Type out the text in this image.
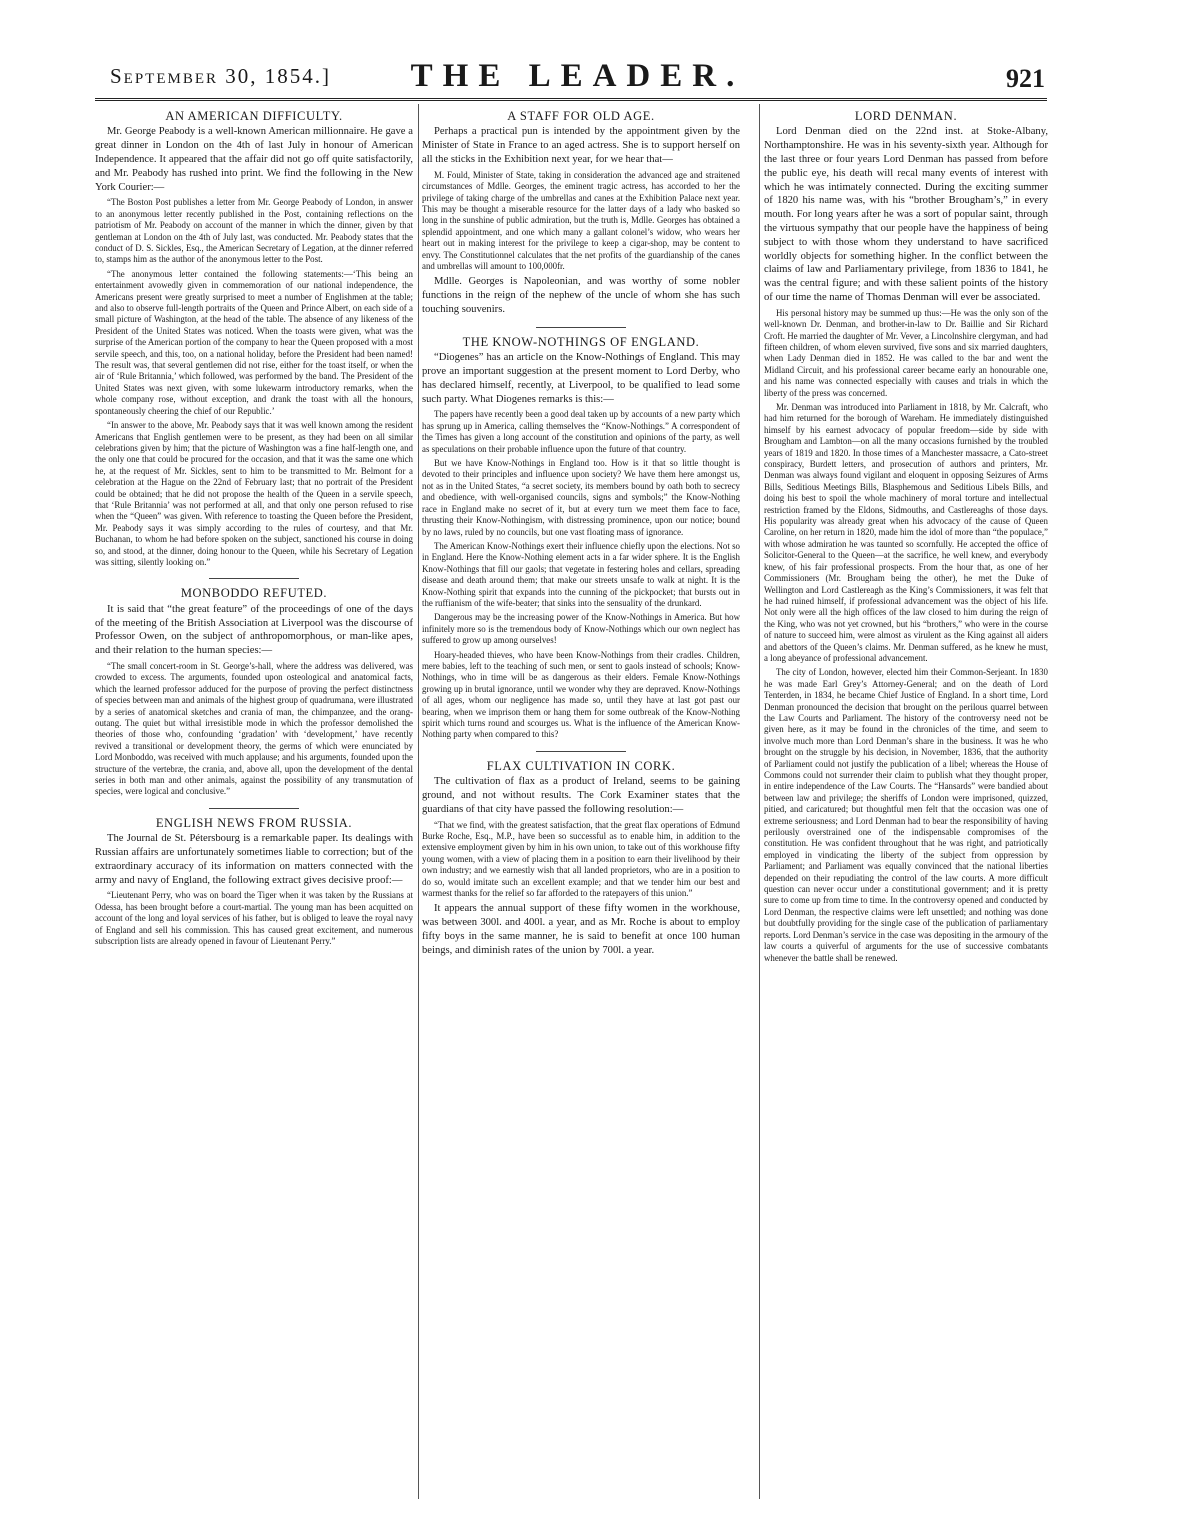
September 30, 1854.]	THE LEADER.	921
AN AMERICAN DIFFICULTY.

Mr. George Peabody is a well-known American millionnaire. He gave a great dinner in London on the 4th of last July in honour of American Independence. It appeared that the affair did not go off quite satisfactorily, and Mr. Peabody has rushed into print. We find the following in the New York Courier:—

“The Boston Post publishes a letter from Mr. George Peabody of London, in answer to an anonymous letter recently published in the Post, containing reflections on the patriotism of Mr. Peabody on account of the manner in which the dinner, given by that gentleman at London on the 4th of July last, was conducted. Mr. Peabody states that the conduct of D. S. Sickles, Esq., the American Secretary of Legation, at the dinner referred to, stamps him as the author of the anonymous letter to the Post.

“The anonymous letter contained the following statements:—‘This being an entertainment avowedly given in commemoration of our national independence, the Americans present were greatly surprised to meet a number of Englishmen at the table; and also to observe full-length portraits of the Queen and Prince Albert, on each side of a small picture of Washington, at the head of the table. The absence of any likeness of the President of the United States was noticed. When the toasts were given, what was the surprise of the American portion of the company to hear the Queen proposed with a most servile speech, and this, too, on a national holiday, before the President had been named! The result was, that several gentlemen did not rise, either for the toast itself, or when the air of ‘Rule Britannia,’ which followed, was performed by the band. The President of the United States was next given, with some lukewarm introductory remarks, when the whole company rose, without exception, and drank the toast with all the honours, spontaneously cheering the chief of our Republic.’

“In answer to the above, Mr. Peabody says that it was well known among the resident Americans that English gentlemen were to be present, as they had been on all similar celebrations given by him; that the picture of Washington was a fine half-length one, and the only one that could be procured for the occasion, and that it was the same one which he, at the request of Mr. Sickles, sent to him to be transmitted to Mr. Belmont for a celebration at the Hague on the 22nd of February last; that no portrait of the President could be obtained; that he did not propose the health of the Queen in a servile speech, that ‘Rule Britannia’ was not performed at all, and that only one person refused to rise when the “Queen” was given. With reference to toasting the Queen before the President, Mr. Peabody says it was simply according to the rules of courtesy, and that Mr. Buchanan, to whom he had before spoken on the subject, sanctioned his course in doing so, and stood, at the dinner, doing honour to the Queen, while his Secretary of Legation was sitting, silently looking on.”

MONBODDO REFUTED.

It is said that “the great feature” of the proceedings of one of the days of the meeting of the British Association at Liverpool was the discourse of Professor Owen, on the subject of anthropomorphous, or man-like apes, and their relation to the human species:—

“The small concert-room in St. George’s-hall, where the address was delivered, was crowded to excess. The arguments, founded upon osteological and anatomical facts, which the learned professor adduced for the purpose of proving the perfect distinctness of species between man and animals of the highest group of quadrumana, were illustrated by a series of anatomical sketches and crania of man, the chimpanzee, and the orang-outang. The quiet but withal irresistible mode in which the professor demolished the theories of those who, confounding ‘gradation’ with ‘development,’ have recently revived a transitional or development theory, the germs of which were enunciated by Lord Monboddo, was received with much applause; and his arguments, founded upon the structure of the vertebræ, the crania, and, above all, upon the development of the dental series in both man and other animals, against the possibility of any transmutation of species, were logical and conclusive.”

ENGLISH NEWS FROM RUSSIA.

The Journal de St. Pétersbourg is a remarkable paper. Its dealings with Russian affairs are unfortunately sometimes liable to correction; but of the extraordinary accuracy of its information on matters connected with the army and navy of England, the following extract gives decisive proof:—

“Lieutenant Perry, who was on board the Tiger when it was taken by the Russians at Odessa, has been brought before a court-martial. The young man has been acquitted on account of the long and loyal services of his father, but is obliged to leave the royal navy of England and sell his commission. This has caused great excitement, and numerous subscription lists are already opened in favour of Lieutenant Perry.”

A STAFF FOR OLD AGE.

Perhaps a practical pun is intended by the appointment given by the Minister of State in France to an aged actress. She is to support herself on all the sticks in the Exhibition next year, for we hear that—

M. Fould, Minister of State, taking in consideration the advanced age and straitened circumstances of Mdlle. Georges, the eminent tragic actress, has accorded to her the privilege of taking charge of the umbrellas and canes at the Exhibition Palace next year. This may be thought a miserable resource for the latter days of a lady who basked so long in the sunshine of public admiration, but the truth is, Mdlle. Georges has obtained a splendid appointment, and one which many a gallant colonel’s widow, who wears her heart out in making interest for the privilege to keep a cigar-shop, may be content to envy. The Constitutionnel calculates that the net profits of the guardianship of the canes and umbrellas will amount to 100,000fr.

Mdlle. Georges is Napoleonian, and was worthy of some nobler functions in the reign of the nephew of the uncle of whom she has such touching souvenirs.

THE KNOW-NOTHINGS OF ENGLAND.

“Diogenes” has an article on the Know-Nothings of England. This may prove an important suggestion at the present moment to Lord Derby, who has declared himself, recently, at Liverpool, to be qualified to lead some such party. What Diogenes remarks is this:—

The papers have recently been a good deal taken up by accounts of a new party which has sprung up in America, calling themselves the “Know-Nothings.” A correspondent of the Times has given a long account of the constitution and opinions of the party, as well as speculations on their probable influence upon the future of that country.

But we have Know-Nothings in England too. How is it that so little thought is devoted to their principles and influence upon society? We have them here amongst us, not as in the United States, “a secret society, its members bound by oath both to secrecy and obedience, with well-organised councils, signs and symbols;” the Know-Nothing race in England make no secret of it, but at every turn we meet them face to face, thrusting their Know-Nothingism, with distressing prominence, upon our notice; bound by no laws, ruled by no councils, but one vast floating mass of ignorance.

The American Know-Nothings exert their influence chiefly upon the elections. Not so in England. Here the Know-Nothing element acts in a far wider sphere. It is the English Know-Nothings that fill our gaols; that vegetate in festering holes and cellars, spreading disease and death around them; that make our streets unsafe to walk at night. It is the Know-Nothing spirit that expands into the cunning of the pickpocket; that bursts out in the ruffianism of the wife-beater; that sinks into the sensuality of the drunkard.

Dangerous may be the increasing power of the Know-Nothings in America. But how infinitely more so is the tremendous body of Know-Nothings which our own neglect has suffered to grow up among ourselves!

Hoary-headed thieves, who have been Know-Nothings from their cradles. Children, mere babies, left to the teaching of such men, or sent to gaols instead of schools; Know-Nothings, who in time will be as dangerous as their elders. Female Know-Nothings growing up in brutal ignorance, until we wonder why they are depraved. Know-Nothings of all ages, whom our negligence has made so, until they have at last got past our bearing, when we imprison them or hang them for some outbreak of the Know-Nothing spirit which turns round and scourges us. What is the influence of the American Know-Nothing party when compared to this?

FLAX CULTIVATION IN CORK.

The cultivation of flax as a product of Ireland, seems to be gaining ground, and not without results. The Cork Examiner states that the guardians of that city have passed the following resolution:—

“That we find, with the greatest satisfaction, that the great flax operations of Edmund Burke Roche, Esq., M.P., have been so successful as to enable him, in addition to the extensive employment given by him in his own union, to take out of this workhouse fifty young women, with a view of placing them in a position to earn their livelihood by their own industry; and we earnestly wish that all landed proprietors, who are in a position to do so, would imitate such an excellent example; and that we tender him our best and warmest thanks for the relief so far afforded to the ratepayers of this union.”

It appears the annual support of these fifty women in the workhouse, was between 300l. and 400l. a year, and as Mr. Roche is about to employ fifty boys in the same manner, he is said to benefit at once 100 human beings, and diminish rates of the union by 700l. a year.

LORD DENMAN.

Lord Denman died on the 22nd inst. at Stoke-Albany, Northamptonshire. He was in his seventy-sixth year. Although for the last three or four years Lord Denman has passed from before the public eye, his death will recal many events of interest with which he was intimately connected. During the exciting summer of 1820 his name was, with his “brother Brougham’s,” in every mouth. For long years after he was a sort of popular saint, through the virtuous sympathy that our people have the happiness of being subject to with those whom they understand to have sacrificed worldly objects for something higher. In the conflict between the claims of law and Parliamentary privilege, from 1836 to 1841, he was the central figure; and with these salient points of the history of our time the name of Thomas Denman will ever be associated.

His personal history may be summed up thus:—He was the only son of the well-known Dr. Denman, and brother-in-law to Dr. Baillie and Sir Richard Croft. He married the daughter of Mr. Vever, a Lincolnshire clergyman, and had fifteen children, of whom eleven survived, five sons and six married daughters, when Lady Denman died in 1852. He was called to the bar and went the Midland Circuit, and his professional career became early an honourable one, and his name was connected especially with causes and trials in which the liberty of the press was concerned.

Mr. Denman was introduced into Parliament in 1818, by Mr. Calcraft, who had him returned for the borough of Wareham. He immediately distinguished himself by his earnest advocacy of popular freedom—side by side with Brougham and Lambton—on all the many occasions furnished by the troubled years of 1819 and 1820. In those times of a Manchester massacre, a Cato-street conspiracy, Burdett letters, and prosecution of authors and printers, Mr. Denman was always found vigilant and eloquent in opposing Seizures of Arms Bills, Seditious Meetings Bills, Blasphemous and Seditious Libels Bills, and doing his best to spoil the whole machinery of moral torture and intellectual restriction framed by the Eldons, Sidmouths, and Castlereaghs of those days. His popularity was already great when his advocacy of the cause of Queen Caroline, on her return in 1820, made him the idol of more than “the populace,” with whose admiration he was taunted so scornfully. He accepted the office of Solicitor-General to the Queen—at the sacrifice, he well knew, and everybody knew, of his fair professional prospects. From the hour that, as one of her Commissioners (Mr. Brougham being the other), he met the Duke of Wellington and Lord Castlereagh as the King’s Commissioners, it was felt that he had ruined himself, if professional advancement was the object of his life. Not only were all the high offices of the law closed to him during the reign of the King, who was not yet crowned, but his “brothers,” who were in the course of nature to succeed him, were almost as virulent as the King against all aiders and abettors of the Queen’s claims. Mr. Denman suffered, as he knew he must, a long abeyance of professional advancement.

The city of London, however, elected him their Common-Serjeant. In 1830 he was made Earl Grey’s Attorney-General; and on the death of Lord Tenterden, in 1834, he became Chief Justice of England. In a short time, Lord Denman pronounced the decision that brought on the perilous quarrel between the Law Courts and Parliament. The history of the controversy need not be given here, as it may be found in the chronicles of the time, and seem to involve much more than Lord Denman’s share in the business. It was he who brought on the struggle by his decision, in November, 1836, that the authority of Parliament could not justify the publication of a libel; whereas the House of Commons could not surrender their claim to publish what they thought proper, in entire independence of the Law Courts. The “Hansards” were bandied about between law and privilege; the sheriffs of London were imprisoned, quizzed, pitied, and caricatured; but thoughtful men felt that the occasion was one of extreme seriousness; and Lord Denman had to bear the responsibility of having perilously overstrained one of the indispensable compromises of the constitution. He was confident throughout that he was right, and patriotically employed in vindicating the liberty of the subject from oppression by Parliament; and Parliament was equally convinced that the national liberties depended on their repudiating the control of the law courts. A more difficult question can never occur under a constitutional government; and it is pretty sure to come up from time to time. In the controversy opened and conducted by Lord Denman, the respective claims were left unsettled; and nothing was done but doubtfully providing for the single case of the publication of parliamentary reports. Lord Denman’s service in the case was depositing in the armoury of the law courts a quiverful of arguments for the use of successive combatants whenever the battle shall be renewed.
